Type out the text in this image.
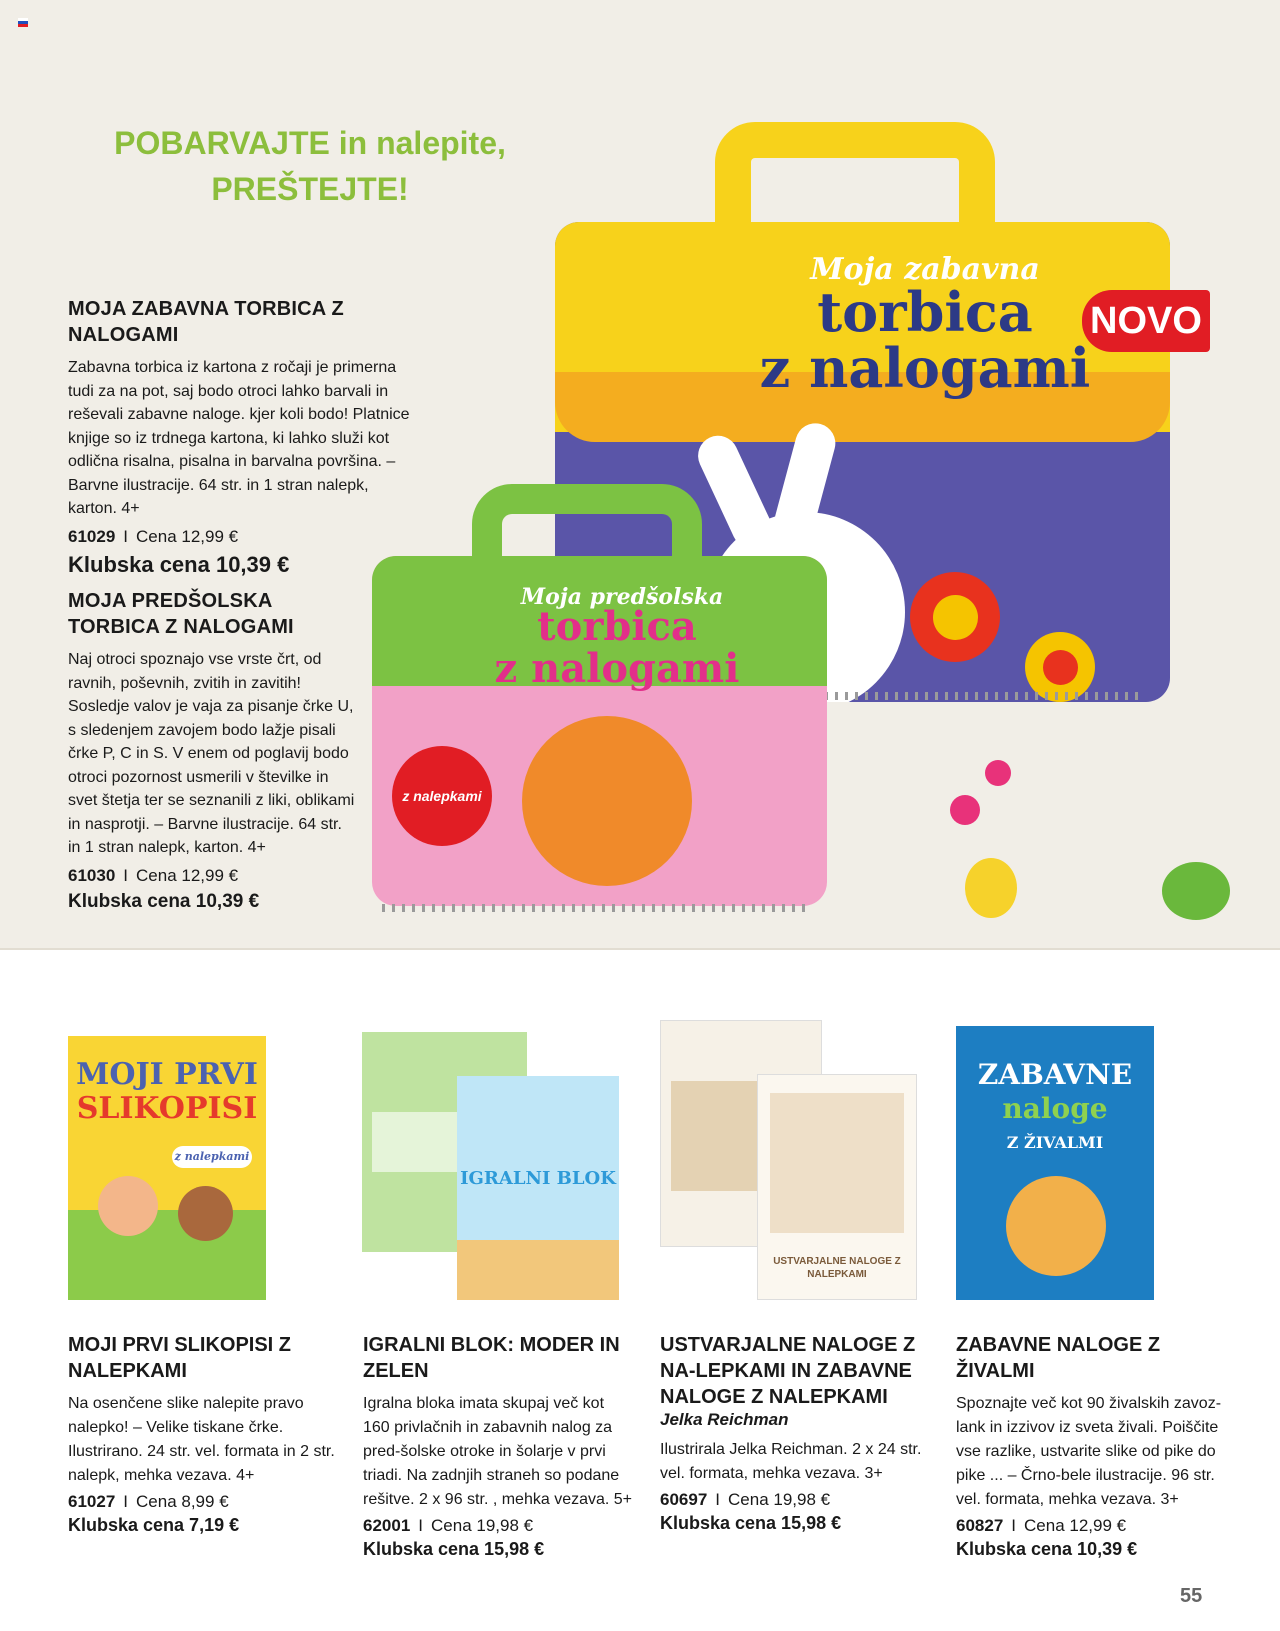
POBARVAJTE in nalepite,
PREŠTEJTE!
MOJA ZABAVNA TORBICA Z NALOGAMI
Zabavna torbica iz kartona z ročaji je primerna tudi za na pot, saj bodo otroci lahko barvali in reševali zabavne naloge. kjer koli bodo! Platnice knjige so iz trdnega kartona, ki lahko služi kot odlična risalna, pisalna in barvalna površina. – Barvne ilustracije. 64 str. in 1 stran nalepk, karton. 4+
61029 I Cena 12,99 €
Klubska cena 10,39 €
MOJA PREDŠOLSKA TORBICA Z NALOGAMI
Naj otroci spoznajo vse vrste črt, od ravnih, poševnih, zvitih in zavitih! Sosledje valov je vaja za pisanje črke U, s sledenjem zavojem bodo lažje pisali črke P, C in S. V enem od poglavij bodo otroci pozornost usmerili v številke in svet štetja ter se seznanili z liki, oblikami in nasprotji. – Barvne ilustracije. 64 str. in 1 stran nalepk, karton. 4+
61030 I Cena 12,99 €
Klubska cena 10,39 €
Moja zabavna
torbica
z nalogami
NOVO
Moja predšolska
torbica
z nalogami
z nalepkami
MOJI PRVI
SLIKOPISI
z nalepkami
IGRALNI BLOK
USTVARJALNE NALOGE Z NALEPKAMI
ZABAVNE
naloge
Z ŽIVALMI
MOJI PRVI SLIKOPISI Z NALEPKAMI
Na osenčene slike nalepite pravo nalepko! – Velike tiskane črke. Ilustrirano. 24 str. vel. formata in 2 str. nalepk, mehka vezava. 4+
61027 I Cena 8,99 €
Klubska cena 7,19 €
IGRALNI BLOK: MODER IN ZELEN
Igralna bloka imata skupaj več kot 160 privlačnih in zabavnih nalog za pred-šolske otroke in šolarje v prvi triadi. Na zadnjih straneh so podane rešitve. 2 x 96 str. , mehka vezava. 5+
62001 I Cena 19,98 €
Klubska cena 15,98 €
USTVARJALNE NALOGE Z NA-LEPKAMI IN ZABAVNE NALOGE Z NALEPKAMI
Jelka Reichman
Ilustrirala Jelka Reichman. 2 x 24 str. vel. formata, mehka vezava. 3+
60697 I Cena 19,98 €
Klubska cena 15,98 €
ZABAVNE NALOGE Z ŽIVALMI
Spoznajte več kot 90 živalskih zavoz-lank in izzivov iz sveta živali. Poiščite vse razlike, ustvarite slike od pike do pike ... – Črno-bele ilustracije. 96 str. vel. formata, mehka vezava. 3+
60827 I Cena 12,99 €
Klubska cena 10,39 €
55
